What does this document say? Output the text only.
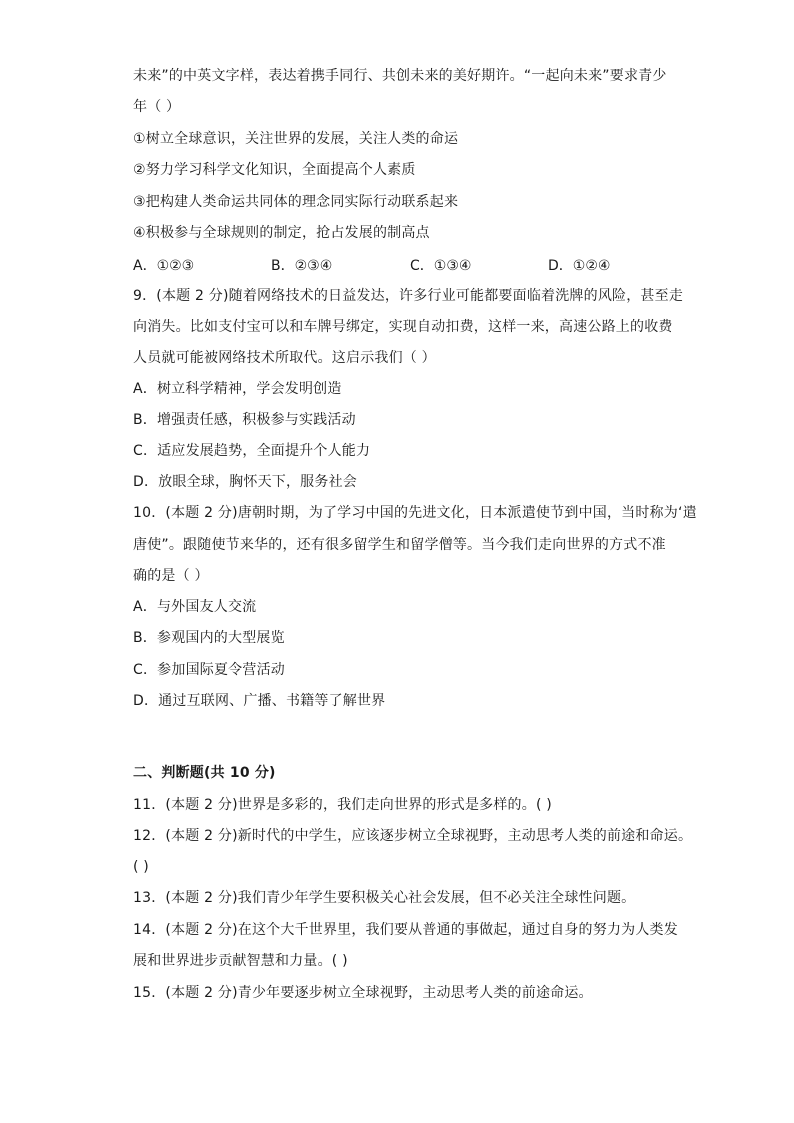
未来”的中英文字样，表达着携手同行、共创未来的美好期许。“一起向未来”要求青少
年（ ）
①树立全球意识，关注世界的发展，关注人类的命运
②努力学习科学文化知识，全面提高个人素质
③把构建人类命运共同体的理念同实际行动联系起来
④积极参与全球规则的制定，抢占发展的制高点
A．①②③	B．②③④	C．①③④	D．①②④
9．(本题 2 分)随着网络技术的日益发达，许多行业可能都要面临着洗牌的风险，甚至走
向消失。比如支付宝可以和车牌号绑定，实现自动扣费，这样一来，高速公路上的收费
人员就可能被网络技术所取代。这启示我们（ ）
A．树立科学精神，学会发明创造
B．增强责任感，积极参与实践活动
C．适应发展趋势，全面提升个人能力
D．放眼全球，胸怀天下，服务社会
10．(本题 2 分)唐朝时期，为了学习中国的先进文化，日本派遣使节到中国，当时称为‘遣
唐使”。跟随使节来华的，还有很多留学生和留学僧等。当今我们走向世界的方式不准
确的是（ ）
A．与外国友人交流
B．参观国内的大型展览
C．参加国际夏令营活动
D．通过互联网、广播、书籍等了解世界
二、判断题(共 10 分)
11．(本题 2 分)世界是多彩的，我们走向世界的形式是多样的。( )
12．(本题 2 分)新时代的中学生，应该逐步树立全球视野，主动思考人类的前途和命运。
( )
13．(本题 2 分)我们青少年学生要积极关心社会发展，但不必关注全球性问题。
14．(本题 2 分)在这个大千世界里，我们要从普通的事做起，通过自身的努力为人类发
展和世界进步贡献智慧和力量。( )
15．(本题 2 分)青少年要逐步树立全球视野，主动思考人类的前途命运。
